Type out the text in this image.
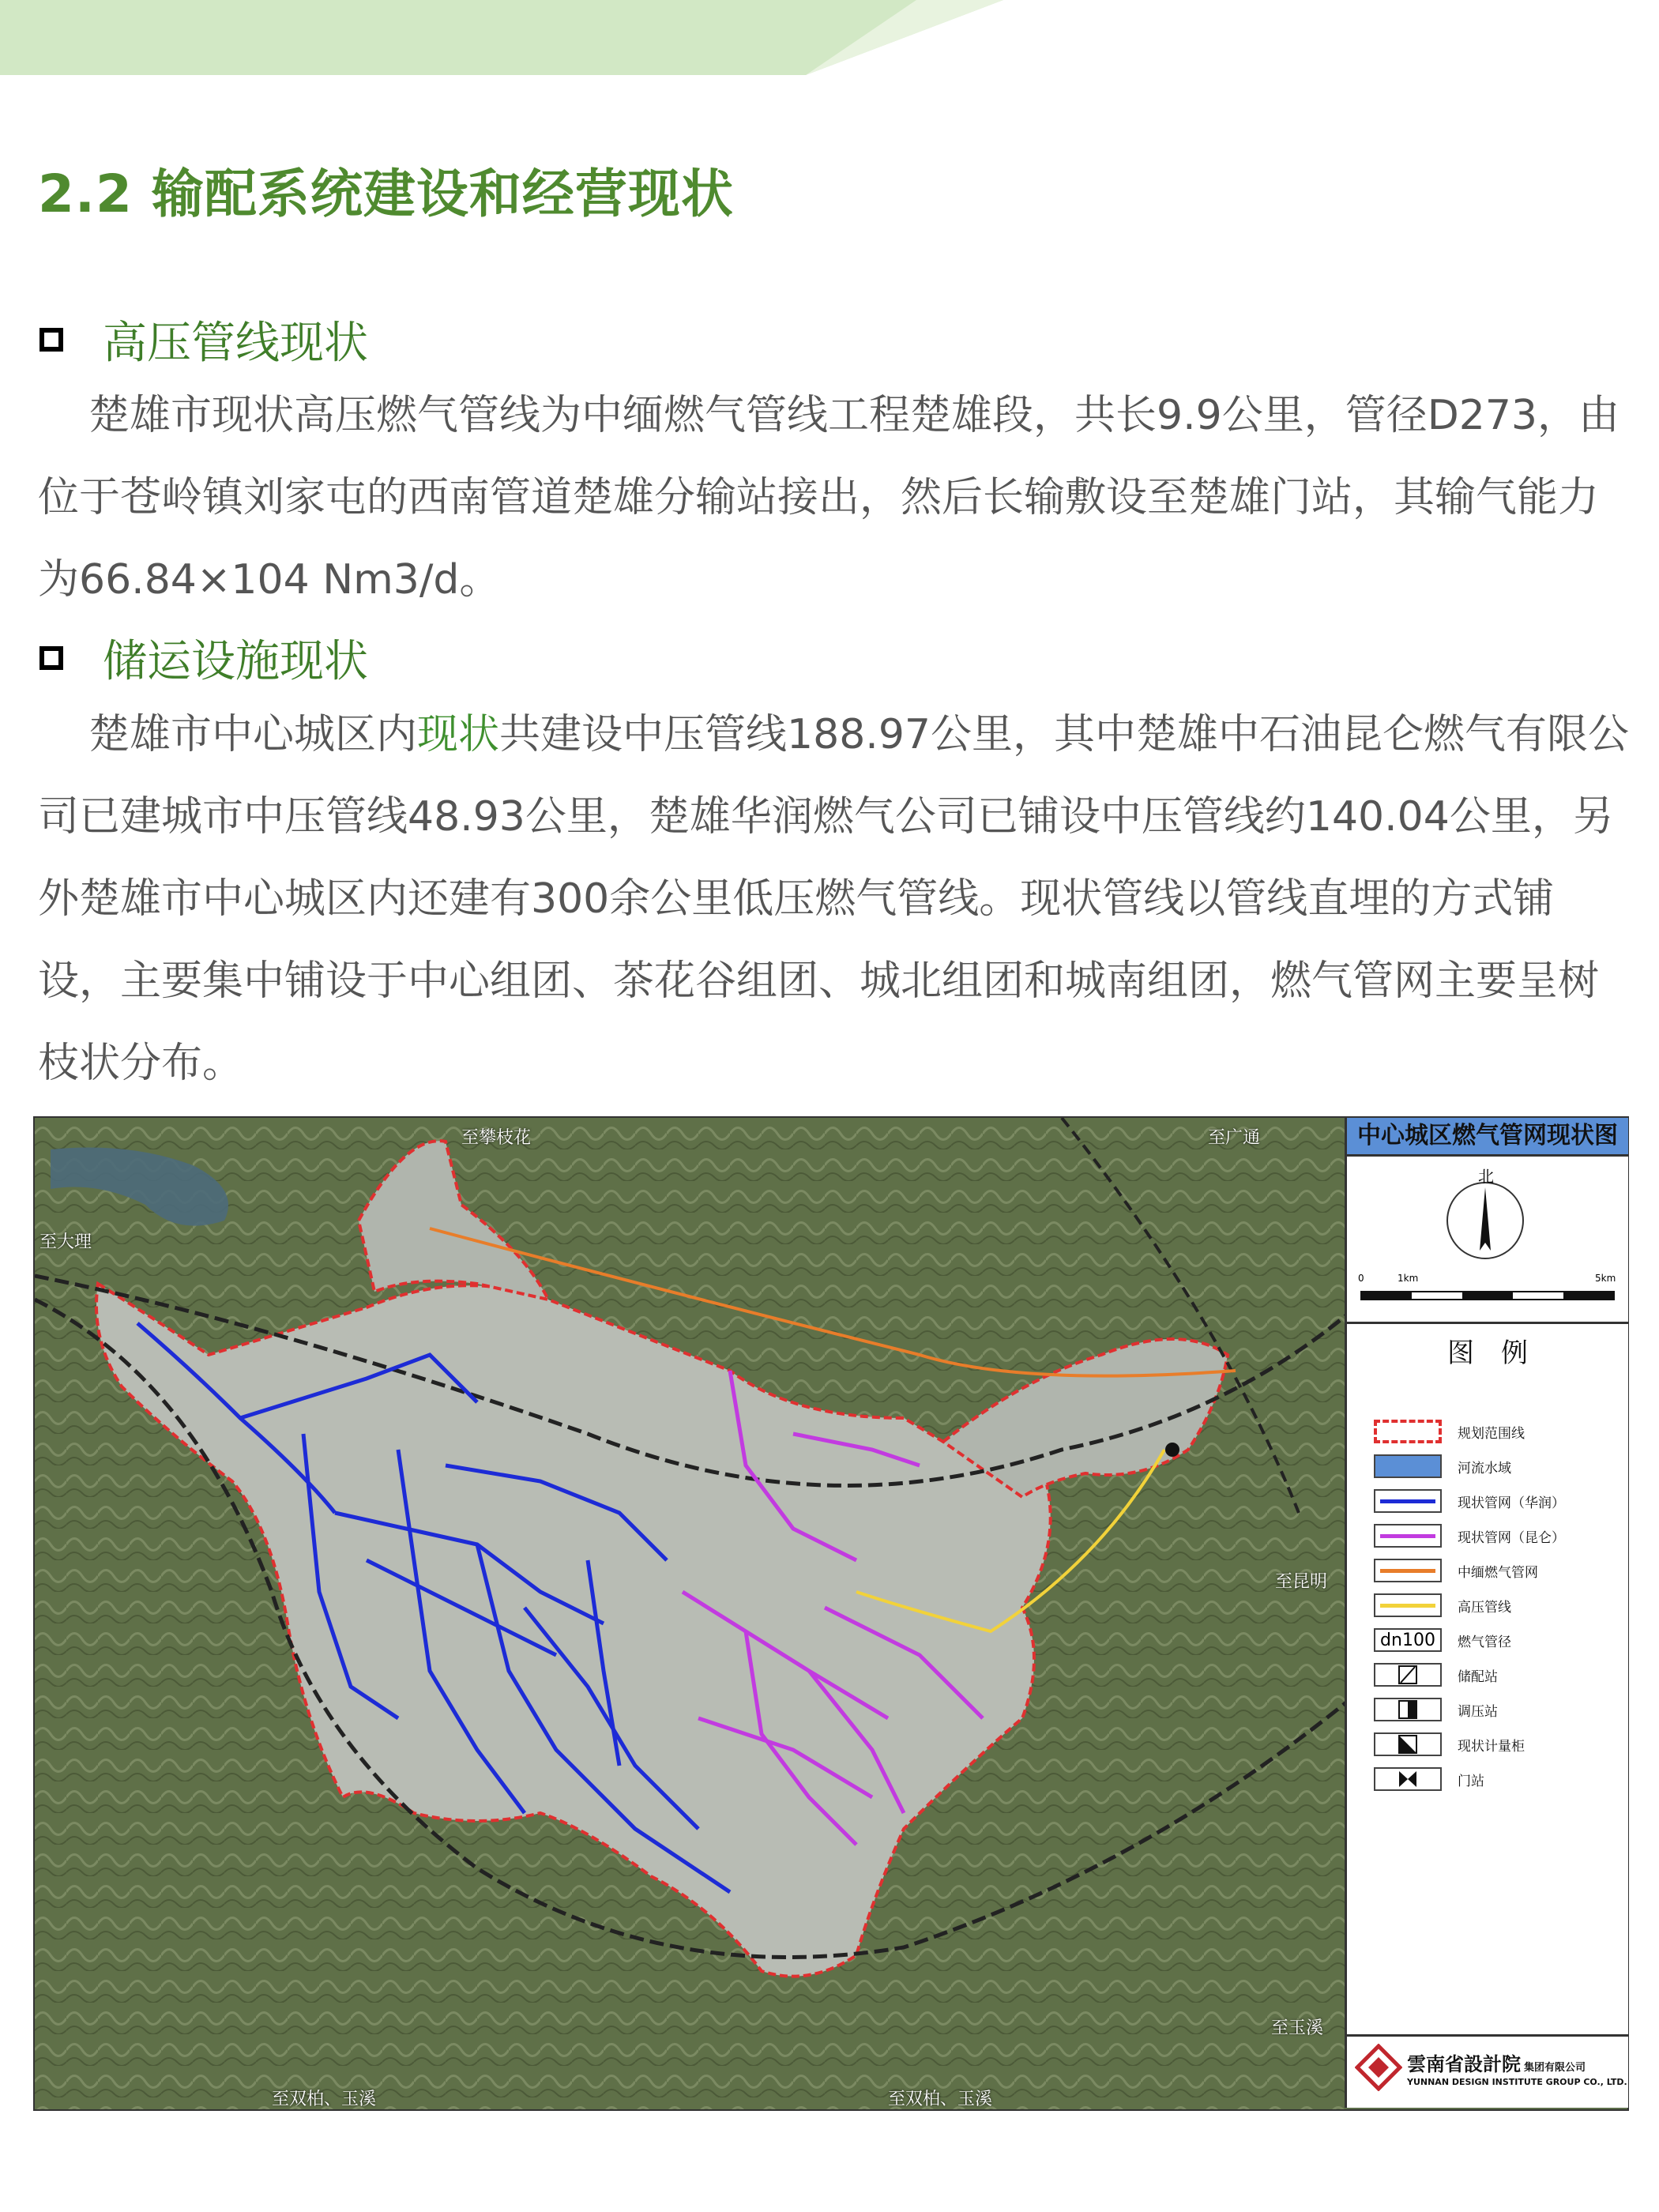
2.2 输配系统建设和经营现状
高压管线现状

楚雄市现状高压燃气管线为中缅燃气管线工程楚雄段，共长9.9公里，管径D273，由位于苍岭镇刘家屯的西南管道楚雄分输站接出，然后长输敷设至楚雄门站，其输气能力为66.84×104 Nm3/d。

储运设施现状

楚雄市中心城区内现状共建设中压管线188.97公里，其中楚雄中石油昆仑燃气有限公司已建城市中压管线48.93公里，楚雄华润燃气公司已铺设中压管线约140.04公里，另外楚雄市中心城区内还建有300余公里低压燃气管线。现状管线以管线直埋的方式铺设，主要集中铺设于中心组团、茶花谷组团、城北组团和城南组团，燃气管网主要呈树枝状分布。

至攀枝花
至大理
至广通
至昆明
至玉溪
至双柏、玉溪	至双柏、玉溪
中心城区燃气管网现状图
北
0	1km	5km
图　例
规划范围线
河流水域
现状管网（华润）
现状管网（昆仑）
中缅燃气管网
高压管线
dn100	燃气管径
储配站
调压站
现状计量柜
门站
雲南省設計院 集团有限公司
YUNNAN DESIGN INSTITUTE GROUP CO., LTD.
